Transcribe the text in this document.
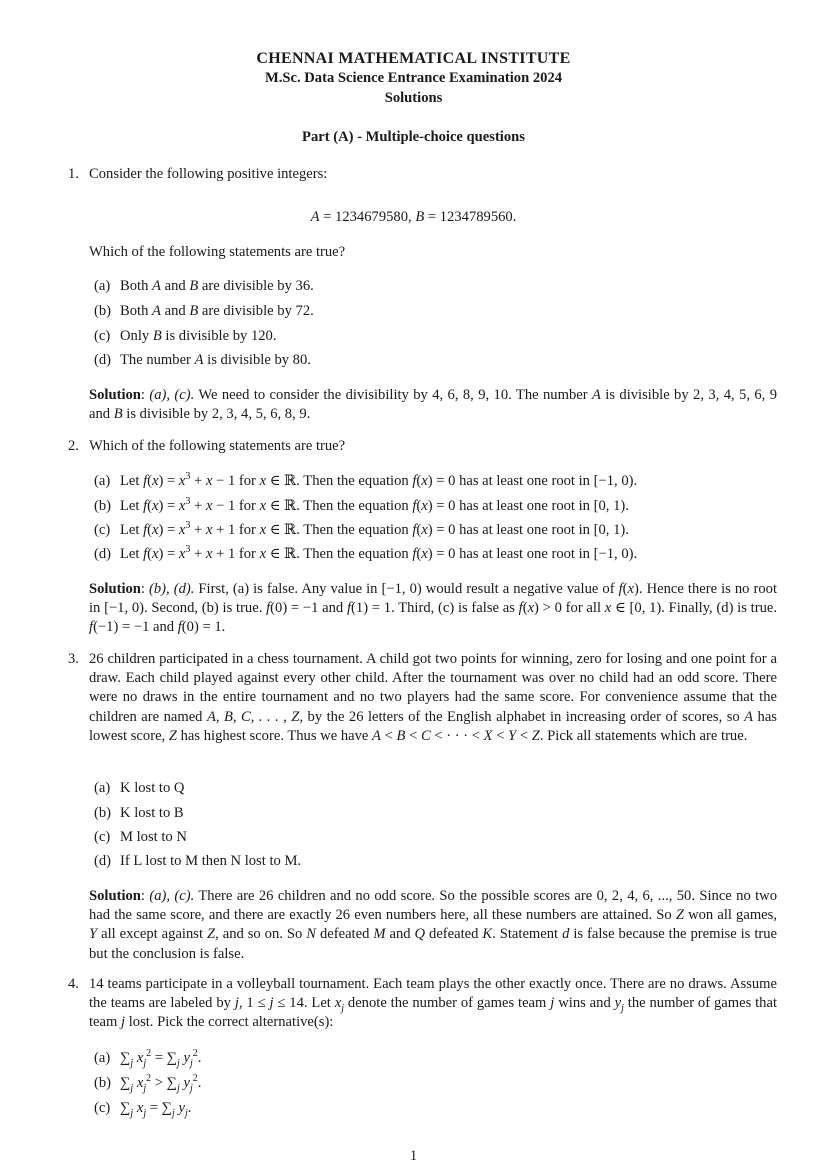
CHENNAI MATHEMATICAL INSTITUTE
M.Sc. Data Science Entrance Examination 2024
Solutions
Part (A) - Multiple-choice questions
1. Consider the following positive integers:
A = 1234679580, B = 1234789560.
Which of the following statements are true?
(a) Both A and B are divisible by 36.
(b) Both A and B are divisible by 72.
(c) Only B is divisible by 120.
(d) The number A is divisible by 80.
Solution: (a), (c). We need to consider the divisibility by 4, 6, 8, 9, 10. The number A is divisible by 2, 3, 4, 5, 6, 9 and B is divisible by 2, 3, 4, 5, 6, 8, 9.
2. Which of the following statements are true?
(a) Let $f(x) = x^3 + x - 1$ for x ∈ ℝ. Then the equation f(x) = 0 has at least one root in [−1, 0).
(b) Let $f(x) = x^3 + x - 1$ for x ∈ ℝ. Then the equation f(x) = 0 has at least one root in [0, 1).
(c) Let $f(x) = x^3 + x + 1$ for x ∈ ℝ. Then the equation f(x) = 0 has at least one root in [0, 1).
(d) Let $f(x) = x^3 + x + 1$ for x ∈ ℝ. Then the equation f(x) = 0 has at least one root in [−1, 0).
Solution: (b), (d). First, (a) is false. Any value in [−1, 0) would result a negative value of f(x). Hence there is no root in [−1, 0). Second, (b) is true. f(0) = −1 and f(1) = 1. Third, (c) is false as f(x) > 0 for all x ∈ [0, 1). Finally, (d) is true. f(−1) = −1 and f(0) = 1.
3. 26 children participated in a chess tournament. A child got two points for winning, zero for losing and one point for a draw. Each child played against every other child. After the tournament was over no child had an odd score. There were no draws in the entire tournament and no two players had the same score. For convenience assume that the children are named A, B, C, . . . , Z, by the 26 letters of the English alphabet in increasing order of scores, so A has lowest score, Z has highest score. Thus we have A < B < C < · · · < X < Y < Z. Pick all statements which are true.
(a) K lost to Q
(b) K lost to B
(c) M lost to N
(d) If L lost to M then N lost to M.
Solution: (a), (c). There are 26 children and no odd score. So the possible scores are 0, 2, 4, 6, ..., 50. Since no two had the same score, and there are exactly 26 even numbers here, all these numbers are attained. So Z won all games, Y all except against Z, and so on. So N defeated M and Q defeated K. Statement d is false because the premise is true but the conclusion is false.
4. 14 teams participate in a volleyball tournament. Each team plays the other exactly once. There are no draws. Assume the teams are labeled by j, 1 ≤ j ≤ 14. Let $x_j$ denote the number of games team j wins and $y_j$ the number of games that team j lost. Pick the correct alternative(s):
(a) $\sum_j$ $x_j^2 = \sum_j$ $y_j^2$.
(b) $\sum_j$ $x_j^2 > \sum_j$ $y_j^2$.
(c) $\sum_j$ $x_j = \sum_j$ $y_j$.
1
